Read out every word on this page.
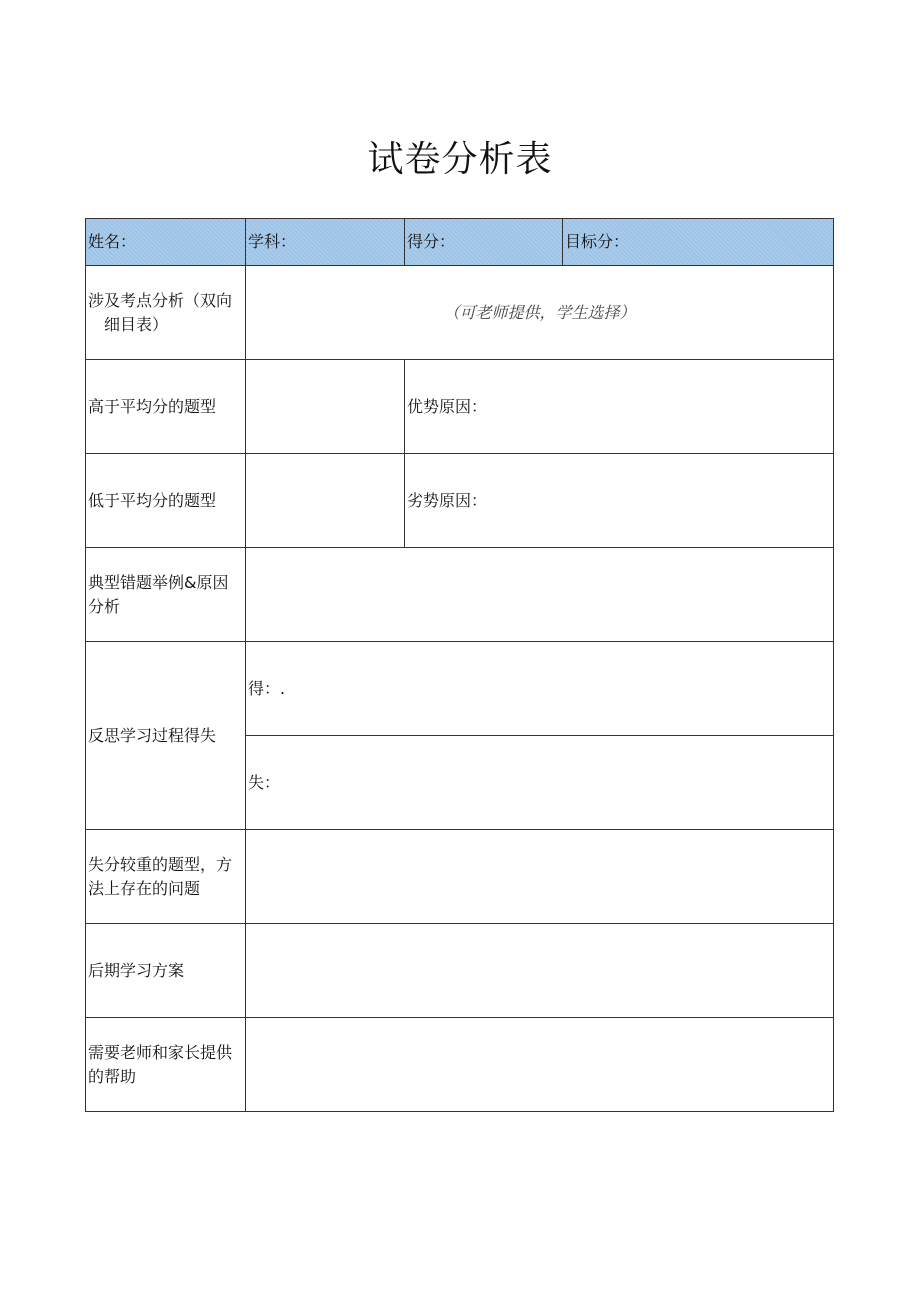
试卷分析表
姓名：	学科：	得分：	目标分：

涉及考点分析（双向
细目表）	（可老师提供，学生选择）		
高于平均分的题型		优势原因：	
低于平均分的题型		劣势原因：	

典型错题举例&原因
分析			

反思学习过程得失	得：.		
	失：		

失分较重的题型，方
法上存在的问题			

后期学习方案			

需要老师和家长提供
的帮助			
